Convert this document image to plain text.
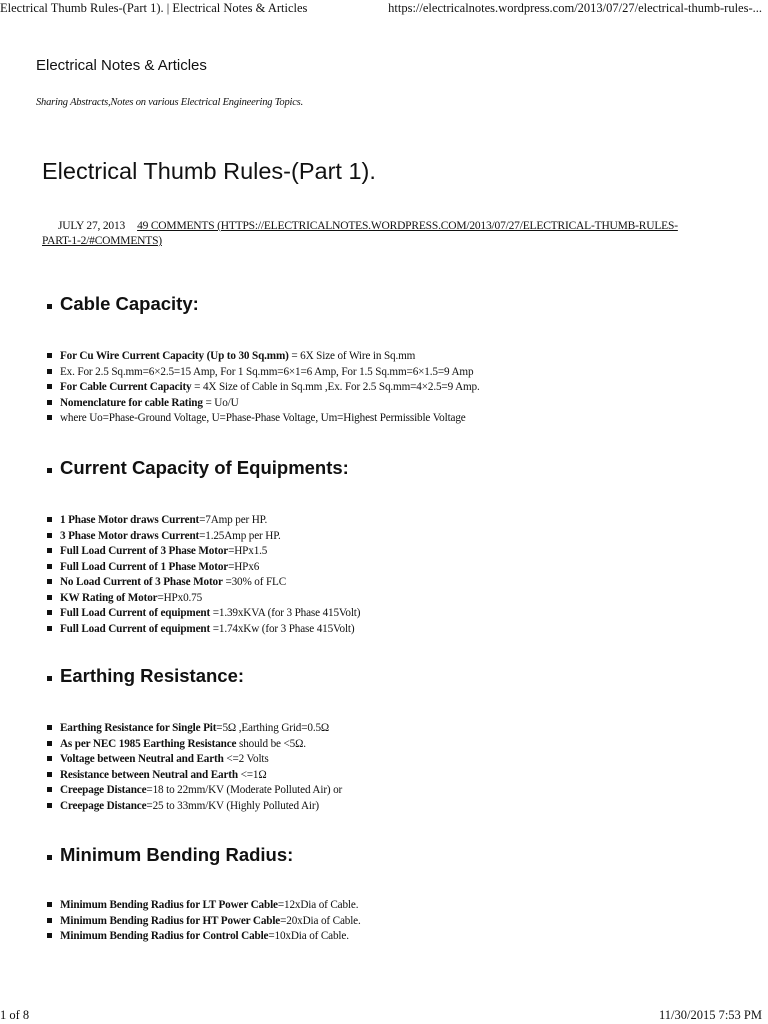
Electrical Thumb Rules-(Part 1). | Electrical Notes & Articles	https://electricalnotes.wordpress.com/2013/07/27/electrical-thumb-rules-...
Electrical Notes & Articles
Sharing Abstracts,Notes on various Electrical Engineering Topics.
Electrical Thumb Rules-(Part 1).
JULY 27, 2013 49 COMMENTS (HTTPS://ELECTRICALNOTES.WORDPRESS.COM/2013/07/27/ELECTRICAL-THUMB-RULES-PART-1-2/#COMMENTS)
Cable Capacity:
For Cu Wire Current Capacity (Up to 30 Sq.mm) = 6X Size of Wire in Sq.mm
Ex. For 2.5 Sq.mm=6×2.5=15 Amp, For 1 Sq.mm=6×1=6 Amp, For 1.5 Sq.mm=6×1.5=9 Amp
For Cable Current Capacity = 4X Size of Cable in Sq.mm ,Ex. For 2.5 Sq.mm=4×2.5=9 Amp.
Nomenclature for cable Rating = Uo/U
where Uo=Phase-Ground Voltage, U=Phase-Phase Voltage, Um=Highest Permissible Voltage
Current Capacity of Equipments:
1 Phase Motor draws Current=7Amp per HP.
3 Phase Motor draws Current=1.25Amp per HP.
Full Load Current of 3 Phase Motor=HPx1.5
Full Load Current of 1 Phase Motor=HPx6
No Load Current of 3 Phase Motor =30% of FLC
KW Rating of Motor=HPx0.75
Full Load Current of equipment =1.39xKVA (for 3 Phase 415Volt)
Full Load Current of equipment =1.74xKw (for 3 Phase 415Volt)
Earthing Resistance:
Earthing Resistance for Single Pit=5Ω ,Earthing Grid=0.5Ω
As per NEC 1985 Earthing Resistance should be <5Ω.
Voltage between Neutral and Earth <=2 Volts
Resistance between Neutral and Earth <=1Ω
Creepage Distance=18 to 22mm/KV (Moderate Polluted Air) or
Creepage Distance=25 to 33mm/KV (Highly Polluted Air)
Minimum Bending Radius:
Minimum Bending Radius for LT Power Cable=12xDia of Cable.
Minimum Bending Radius for HT Power Cable=20xDia of Cable.
Minimum Bending Radius for Control Cable=10xDia of Cable.
1 of 8	11/30/2015 7:53 PM
